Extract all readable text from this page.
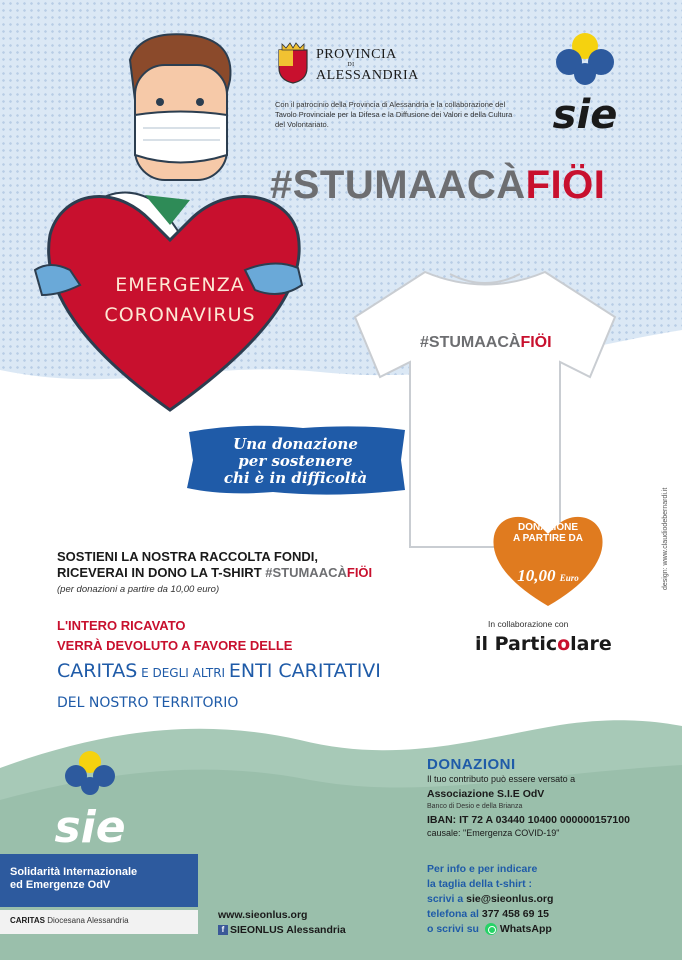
EMERGENZA
CORONAVIRUS
PROVINCIA
DI
ALESSANDRIA
Con il patrocinio della Provincia di Alessandria e la collaborazione del Tavolo Provinciale per la Difesa e la Diffusione dei Valori e della Cultura del Volontariato.	sie
#STUMAACÀFIÖI
#STUMAACÀFIÖI
Una donazione
per sostenere
chi è in difficoltà
DONAZIONE
A PARTIRE DA
10,00 Euro	design: www.claudiodebernardi.it
SOSTIENI LA NOSTRA RACCOLTA FONDI,
RICEVERAI IN DONO LA T-SHIRT #STUMAACÀFIÖI
(per donazioni a partire da 10,00 euro)
L'INTERO RICAVATO
VERRÀ DEVOLUTO A FAVORE DELLE
CARITAS E DEGLI ALTRI ENTI CARITATIVI
DEL NOSTRO TERRITORIO
In collaborazione con
il Particolare
sie
Solidarità Internazionale
ed Emergenze OdV
CARITAS Diocesana Alessandria	www.sieonlus.org
f SIEONLUS Alessandria
DONAZIONI
Il tuo contributo può essere versato a
Associazione S.I.E OdV
Banco di Desio e della Brianza
IBAN: IT 72 A 03440 10400 000000157100
causale: "Emergenza COVID-19"
Per info e per indicare
la taglia della t-shirt :
scrivi a sie@sieonlus.org
telefona al 377 458 69 15
o scrivi su WhatsApp
